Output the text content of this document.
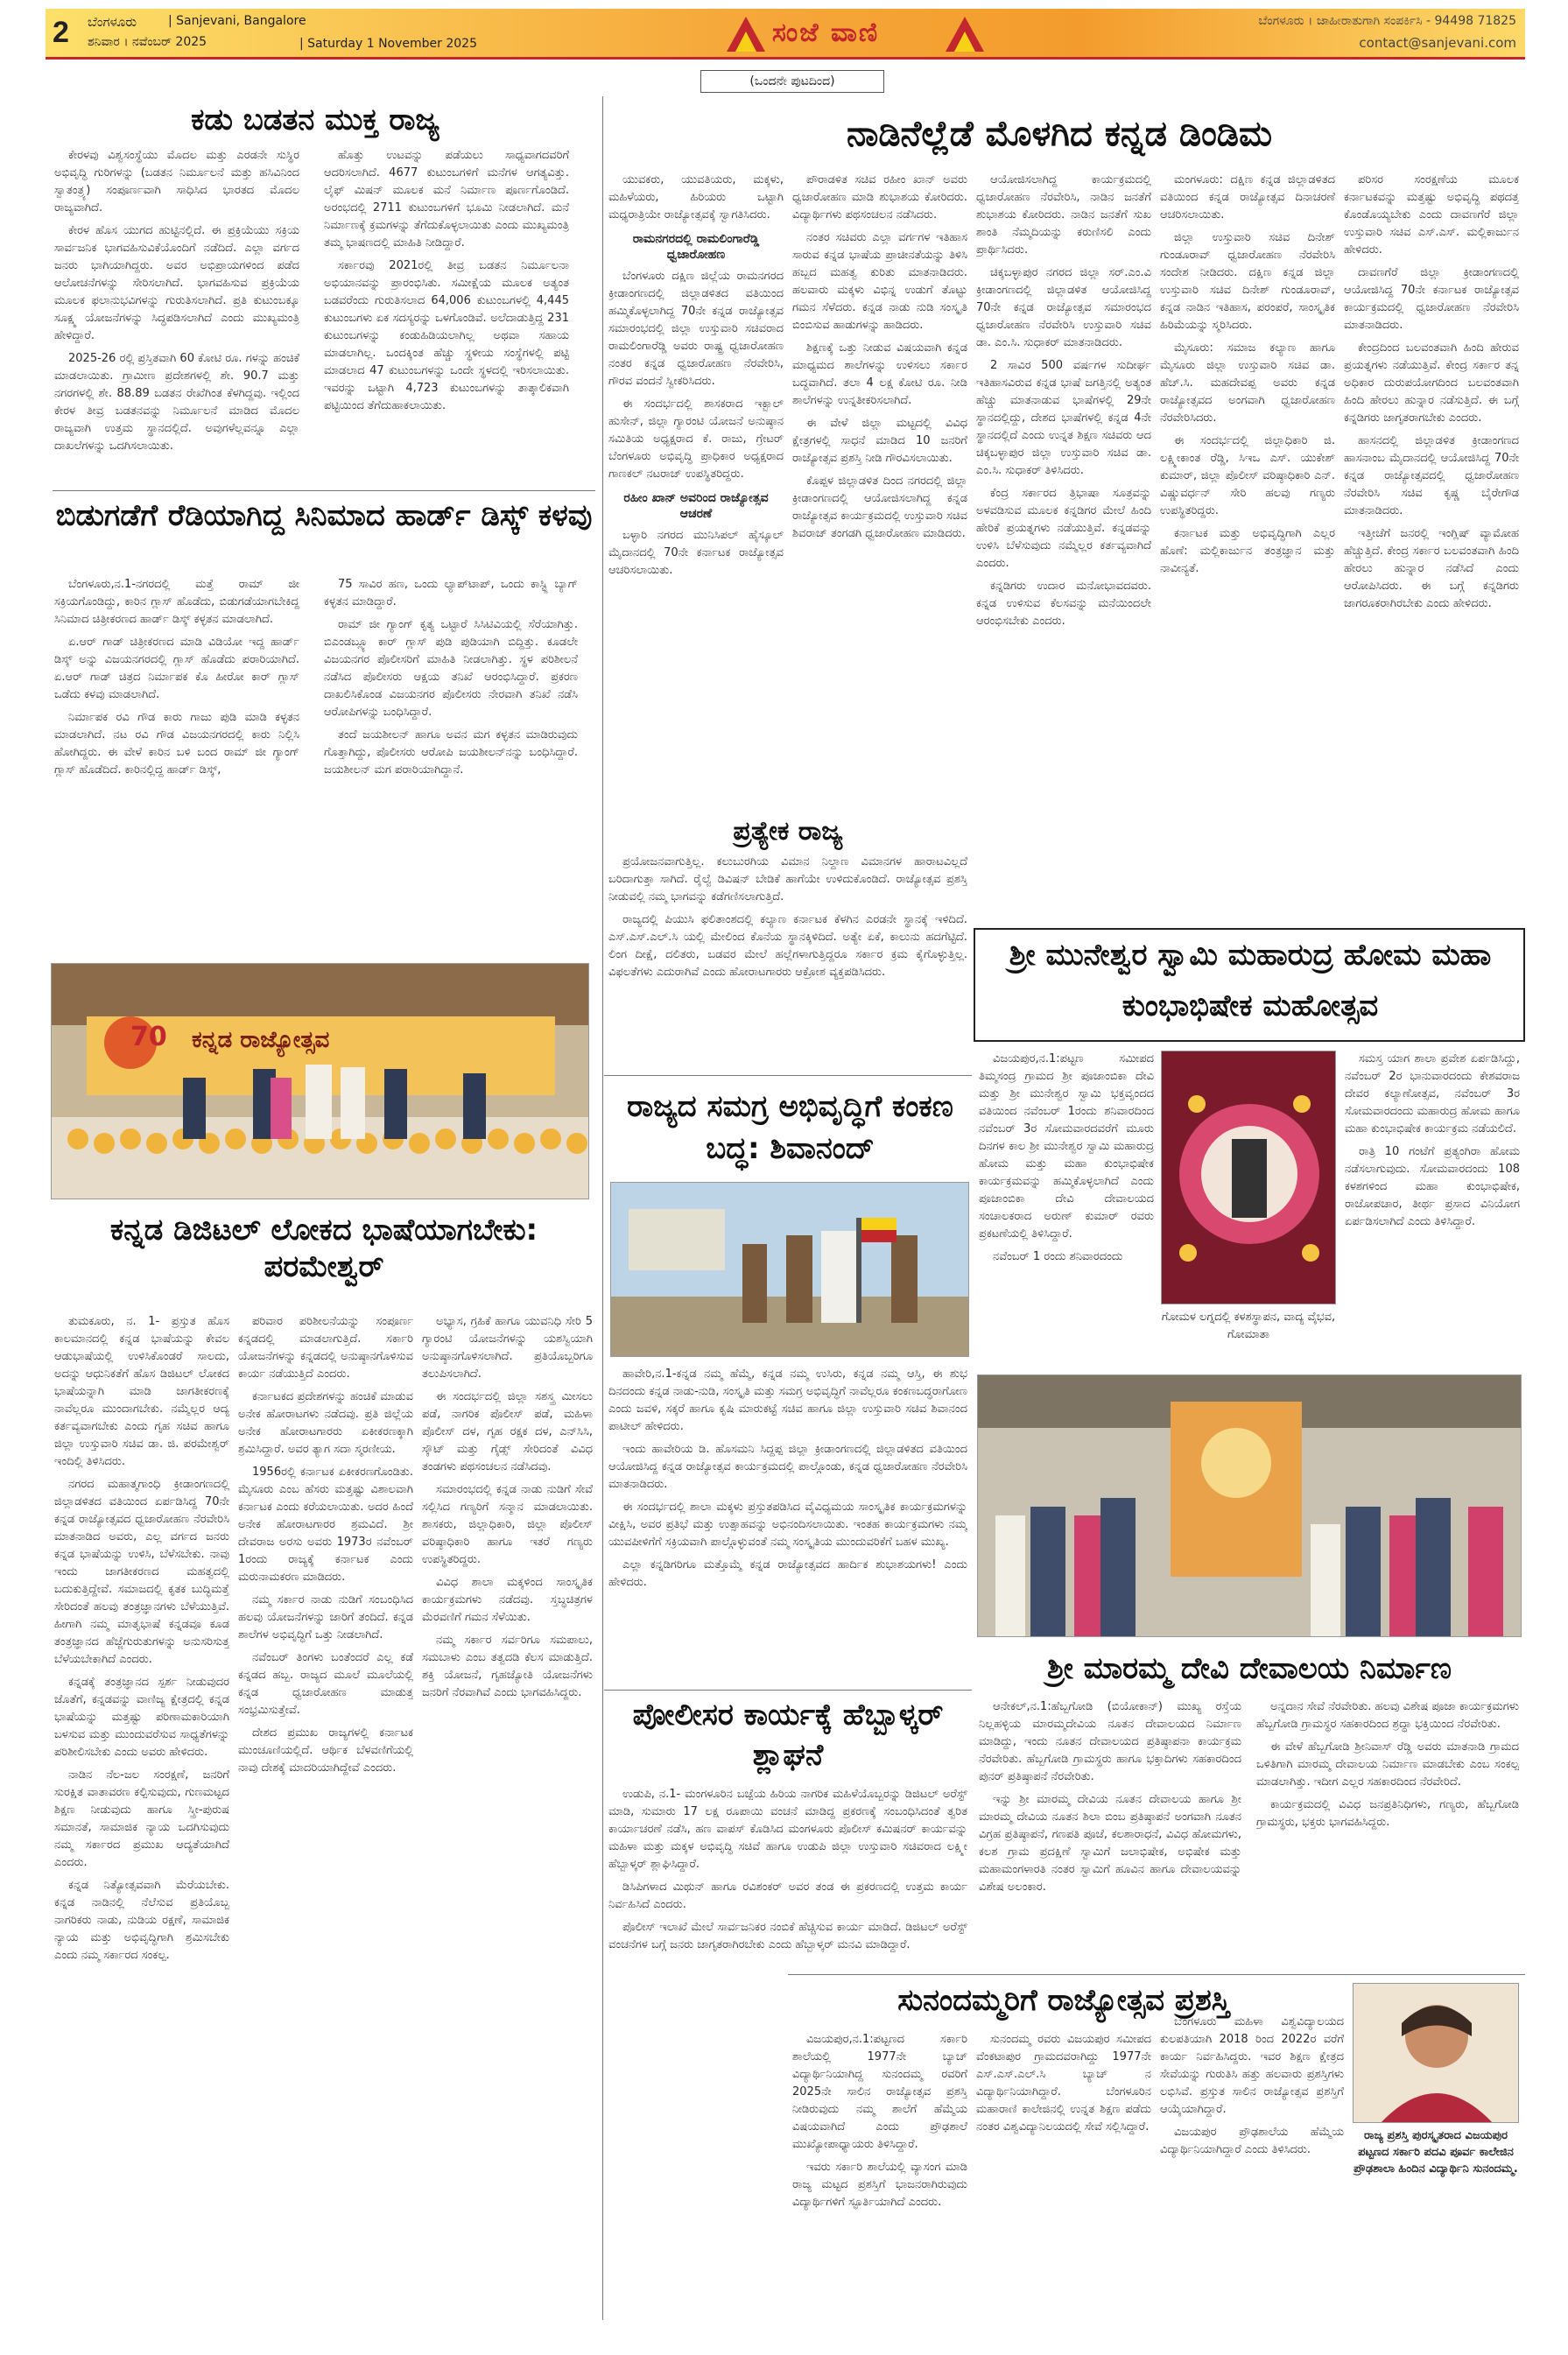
2 ಬೆಂಗಳೂರು	| Sanjevani, Bangalore
ಶನಿವಾರ । ನವೆಂಬರ್ 2025	| Saturday 1 November 2025	ಸಂಜೆ ವಾಣಿ	ಬೆಂಗಳೂರು । ಜಾಹೀರಾತುಗಾಗಿ ಸಂಪರ್ಕಿಸಿ - 94498 71825
contact@sanjevani.com
(ಒಂದನೇ ಪುಟದಿಂದ)
ಕಡು ಬಡತನ ಮುಕ್ತ ರಾಜ್ಯ

ಕೇರಳವು ವಿಶ್ವಸಂಸ್ಥೆಯು ಮೊದಲ ಮತ್ತು ಎರಡನೇ ಸುಸ್ಥಿರ ಅಭಿವೃದ್ಧಿ ಗುರಿಗಳನ್ನು (ಬಡತನ ನಿರ್ಮೂಲನೆ ಮತ್ತು ಹಸಿವಿನಿಂದ ಸ್ವಾತಂತ್ರ್ಯ) ಸಂಪೂರ್ಣವಾಗಿ ಸಾಧಿಸಿದ ಭಾರತದ ಮೊದಲ ರಾಜ್ಯವಾಗಿದೆ.

ಕೇರಳ ಹೊಸ ಯುಗದ ಹುಟ್ಟಿನಲ್ಲಿದೆ. ಈ ಪ್ರಕ್ರಿಯೆಯು ಸಕ್ರಿಯ ಸಾರ್ವಜನಿಕ ಭಾಗವಹಿಸುವಿಕೆಯೊಂದಿಗೆ ನಡೆದಿದೆ. ಎಲ್ಲಾ ವರ್ಗದ ಜನರು ಭಾಗಿಯಾಗಿದ್ದರು. ಅವರ ಅಭಿಪ್ರಾಯಗಳಿಂದ ಪಡೆದ ಆಲೋಚನೆಗಳನ್ನು ಸೇರಿಸಲಾಗಿದೆ. ಭಾಗವಹಿಸುವ ಪ್ರಕ್ರಿಯೆಯ ಮೂಲಕ ಫಲಾನುಭವಿಗಳನ್ನು ಗುರುತಿಸಲಾಗಿದೆ. ಪ್ರತಿ ಕುಟುಂಬಕ್ಕೂ ಸೂಕ್ಷ್ಮ ಯೋಜನೆಗಳನ್ನು ಸಿದ್ಧಪಡಿಸಲಾಗಿದೆ ಎಂದು ಮುಖ್ಯಮಂತ್ರಿ ಹೇಳಿದ್ದಾರೆ.

2025-26 ರಲ್ಲಿ ಪ್ರಸ್ತಿತವಾಗಿ 60 ಕೋಟಿ ರೂ. ಗಳನ್ನು ಹಂಚಿಕೆ ಮಾಡಲಾಯಿತು. ಗ್ರಾಮೀಣ ಪ್ರದೇಶಗಳಲ್ಲಿ ಶೇ. 90.7 ಮತ್ತು ನಗರಗಳಲ್ಲಿ ಶೇ. 88.89 ಬಡತನ ರೇಖೆಗಿಂತ ಕೆಳಗಿದ್ದವು. ಇಲ್ಲಿಂದ ಕೇರಳ ತೀವ್ರ ಬಡತನವನ್ನು ನಿರ್ಮೂಲನೆ ಮಾಡಿದ ಮೊದಲ ರಾಜ್ಯವಾಗಿ ಉತ್ತಮ ಸ್ಥಾನದಲ್ಲಿದೆ. ಅವುಗಳೆಲ್ಲವನ್ನೂ ಎಲ್ಲಾ ದಾಖಲೆಗಳನ್ನು ಒದಗಿಸಲಾಯಿತು.

ಹೊತ್ತು ಉಟವನ್ನು ಪಡೆಯಲು ಸಾಧ್ಯವಾಗದವರಿಗೆ ಆದರಿಸಲಾಗಿದೆ. 4677 ಕುಟುಂಬಗಳಿಗೆ ಮನೆಗಳ ಆಗತ್ಯವಿತ್ತು. ಲೈಫ್ ಮಿಷನ್ ಮೂಲಕ ಮನೆ ನಿರ್ಮಾಣ ಪೂರ್ಣಗೊಂಡಿದೆ. ಅರಂಭದಲ್ಲಿ 2711 ಕುಟುಂಬಗಳಿಗೆ ಭೂಮಿ ನೀಡಲಾಗಿದೆ. ಮನೆ ನಿರ್ಮಾಣಕ್ಕೆ ಕ್ರಮಗಳನ್ನು ತೆಗೆದುಕೊಳ್ಳಲಾಯಿತು ಎಂದು ಮುಖ್ಯಮಂತ್ರಿ ತಮ್ಮ ಭಾಷಣದಲ್ಲಿ ಮಾಹಿತಿ ನೀಡಿದ್ದಾರೆ.

ಸರ್ಕಾರವು 2021ರಲ್ಲಿ ತೀವ್ರ ಬಡತನ ನಿರ್ಮೂಲನಾ ಅಭಿಯಾನವನ್ನು ಪ್ರಾರಂಭಿಸಿತು. ಸಮೀಕ್ಷೆಯ ಮೂಲಕ ಅತ್ಯಂತ ಬಡವರೆಂದು ಗುರುತಿಸಲಾದ 64,006 ಕುಟುಂಬಗಳಲ್ಲಿ 4,445 ಕುಟುಂಬಗಳು ಏಕ ಸದಸ್ಯರನ್ನು ಒಳಗೊಂಡಿವೆ. ಅಲೆದಾಡುತ್ತಿದ್ದ 231 ಕುಟುಂಬಗಳನ್ನು ಕಂಡುಹಿಡಿಯಲಾಗಿಲ್ಲ ಅಥವಾ ಸಹಾಯ ಮಾಡಲಾಗಿಲ್ಲ. ಒಂದಕ್ಕಿಂತ ಹೆಚ್ಚು ಸ್ಥಳೀಯ ಸಂಸ್ಥೆಗಳಲ್ಲಿ ಪಟ್ಟಿ ಮಾಡಲಾದ 47 ಕುಟುಂಬಗಳನ್ನು ಒಂದೇ ಸ್ಥಳದಲ್ಲಿ ಇರಿಸಲಾಯಿತು. ಇವರನ್ನು ಒಟ್ಟಾಗಿ 4,723 ಕುಟುಂಬಗಳನ್ನು ತಾತ್ಕಾಲಿಕವಾಗಿ ಪಟ್ಟಿಯಿಂದ ತೆಗೆದುಹಾಕಲಾಯಿತು.

ಬಿಡುಗಡೆಗೆ ರೆಡಿಯಾಗಿದ್ದ ಸಿನಿಮಾದ ಹಾರ್ಡ್ ಡಿಸ್ಕ್ ಕಳವು

ಬೆಂಗಳೂರು,ನ.1-ನಗರದಲ್ಲಿ ಮತ್ತೆ ರಾಮ್ ಜೀ ಸಕ್ರಿಯಗೊಂಡಿದ್ದು, ಕಾರಿನ ಗ್ಲಾಸ್ ಹೊಡೆದು, ಬಿಡುಗಡೆಯಾಗಬೇಕಿದ್ದ ಸಿನಿಮಾದ ಚಿತ್ರೀಕರಣದ ಹಾರ್ಡ್ ಡಿಸ್ಕ್ ಕಳ್ಳತನ ಮಾಡಲಾಗಿದೆ.

ಏ.ಆರ್ ಗಾಡ್ ಚಿತ್ರೀಕರಣದ ಮಾಡಿ ವಿಡಿಯೋ ಇದ್ದ ಹಾರ್ಡ್ ಡಿಸ್ಕ್ ಅನ್ನು ವಿಜಯನಗರದಲ್ಲಿ ಗ್ಲಾಸ್ ಹೊಡೆದು ಪರಾರಿಯಾಗಿದೆ. ಏ.ಆರ್ ಗಾಡ್ ಚಿತ್ರದ ನಿರ್ಮಾಪಕ ಕೊ ಹೀರೋ ಕಾರ್ ಗ್ಲಾಸ್ ಒಡೆದು ಕಳವು ಮಾಡಲಾಗಿದೆ.

ನಿರ್ಮಾಪಕ ರವಿ ಗೌಡ ಕಾರು ಗಾಜು ಪುಡಿ ಮಾಡಿ ಕಳ್ಳತನ ಮಾಡಲಾಗಿದೆ. ನಟ ರವಿ ಗೌಡ ವಿಜಯನಗರದಲ್ಲಿ ಕಾರು ನಿಲ್ಲಿಸಿ ಹೋಗಿದ್ದರು. ಈ ವೇಳೆ ಕಾರಿನ ಬಳಿ ಬಂದ ರಾಮ್ ಜೀ ಗ್ಯಾಂಗ್ ಗ್ಲಾಸ್ ಹೊಡೆದಿದೆ. ಕಾರಿನಲ್ಲಿದ್ದ ಹಾರ್ಡ್ ಡಿಸ್ಕ್,

75 ಸಾವಿರ ಹಣ, ಒಂದು ಲ್ಯಾಪ್‌ಟಾಪ್, ಒಂದು ಕಾಸ್ಟ್ಲಿ ಬ್ಯಾಗ್ ಕಳ್ಳತನ ಮಾಡಿದ್ದಾರೆ.

ರಾಮ್ ಜೀ ಗ್ಯಾಂಗ್ ಕೃತ್ಯ ಒಟ್ಟಾರೆ ಸಿಸಿಟಿವಿಯಲ್ಲಿ ಸೆರೆಯಾಗಿತ್ತು. ಬಿಎಂಡಬ್ಲ್ಯೂ ಕಾರ್ ಗ್ಲಾಸ್ ಪುಡಿ ಪುಡಿಯಾಗಿ ಬಿದ್ದಿತ್ತು. ಕೂಡಲೇ ವಿಜಯನಗರ ಪೊಲೀಸರಿಗೆ ಮಾಹಿತಿ ನೀಡಲಾಗಿತ್ತು. ಸ್ಥಳ ಪರಿಶೀಲನೆ ನಡೆಸಿದ ಪೊಲೀಸರು ಆಕ್ಷಯ ತನಿಖೆ ಆರಂಭಿಸಿದ್ದಾರೆ. ಪ್ರಕರಣ ದಾಖಲಿಸಿಕೊಂಡ ವಿಜಯನಗರ ಪೊಲೀಸರು ನೇರವಾಗಿ ತನಿಖೆ ನಡೆಸಿ ಆರೋಪಿಗಳನ್ನು ಬಂಧಿಸಿದ್ದಾರೆ.

ತಂದೆ ಜಯಶೀಲನ್ ಹಾಗೂ ಅವನ ಮಗ ಕಳ್ಳತನ ಮಾಡಿರುವುದು ಗೊತ್ತಾಗಿದ್ದು, ಪೊಲೀಸರು ಆರೋಪಿ ಜಯಶೀಲನ್‌ನನ್ನು ಬಂಧಿಸಿದ್ದಾರೆ. ಜಯಶೀಲನ್ ಮಗ ಪರಾರಿಯಾಗಿದ್ದಾನೆ.

70 ಕನ್ನಡ ರಾಜ್ಯೋತ್ಸವ
ಕನ್ನಡ ಡಿಜಿಟಲ್ ಲೋಕದ ಭಾಷೆಯಾಗಬೇಕು: ಪರಮೇಶ್ವರ್

ತುಮಕೂರು, ನ. 1- ಪ್ರಸ್ತುತ ಹೊಸ ಕಾಲಮಾನದಲ್ಲಿ ಕನ್ನಡ ಭಾಷೆಯನ್ನು ಕೇವಲ ಆಡುಭಾಷೆಯಲ್ಲಿ ಉಳಿಸಿಕೊಂಡರೆ ಸಾಲದು, ಅದನ್ನು ಆಧುನಿಕತೆಗೆ ಹೊಸ ಡಿಜಿಟಲ್ ಲೋಕದ ಭಾಷೆಯನ್ನಾಗಿ ಮಾಡಿ ಜಾಗತೀಕರಣಕ್ಕೆ ನಾವೆಲ್ಲರೂ ಮುಂದಾಗಬೇಕು. ನಮ್ಮೆಲ್ಲರ ಆದ್ಯ ಕರ್ತವ್ಯವಾಗಬೇಕು ಎಂದು ಗೃಹ ಸಚಿವ ಹಾಗೂ ಜಿಲ್ಲಾ ಉಸ್ತುವಾರಿ ಸಚಿವ ಡಾ. ಜಿ. ಪರಮೇಶ್ವರ್ ಇಂದಿಲ್ಲಿ ತಿಳಿಸಿದರು.

ನಗರದ ಮಹಾತ್ಮಗಾಂಧಿ ಕ್ರೀಡಾಂಗಣದಲ್ಲಿ ಜಿಲ್ಲಾಡಳಿತದ ವತಿಯಿಂದ ಏರ್ಪಡಿಸಿದ್ದ 70ನೇ ಕನ್ನಡ ರಾಜ್ಯೋತ್ಸವದ ಧ್ವಜಾರೋಹಣ ನೆರವೇರಿಸಿ ಮಾತನಾಡಿದ ಅವರು, ಎಲ್ಲ ವರ್ಗದ ಜನರು ಕನ್ನಡ ಭಾಷೆಯನ್ನು ಉಳಿಸಿ, ಬೆಳೆಸಬೇಕು. ನಾವು ಇಂದು ಜಾಗತೀಕರಣದ ಮಹತ್ವದಲ್ಲಿ ಬದುಕುತ್ತಿದ್ದೇವೆ. ಸಮಾಜದಲ್ಲಿ ಕೃತಕ ಬುದ್ಧಿಮತ್ತೆ ಸೇರಿದಂತೆ ಹಲವು ತಂತ್ರಜ್ಞಾನಗಳು ಬೆಳೆಯುತ್ತಿವೆ. ಹೀಗಾಗಿ ನಮ್ಮ ಮಾತೃಭಾಷೆ ಕನ್ನಡವೂ ಕೂಡ ತಂತ್ರಜ್ಞಾನದ ಹೆಜ್ಜೆಗುರುತುಗಳನ್ನು ಅನುಸರಿಸುತ್ತ ಬೆಳೆಯಬೇಕಾಗಿದೆ ಎಂದರು.

ಕನ್ನಡಕ್ಕೆ ತಂತ್ರಜ್ಞಾನದ ಸ್ಪರ್ಶ ನೀಡುವುದರ ಜೊತೆಗೆ, ಕನ್ನಡವನ್ನು ವಾಣಿಜ್ಯ ಕ್ಷೇತ್ರದಲ್ಲಿ ಕನ್ನಡ ಭಾಷೆಯನ್ನು ಮತ್ತಷ್ಟು ಪರಿಣಾಮಕಾರಿಯಾಗಿ ಬಳಸುವ ಮತ್ತು ಮುಂದುವರೆಸುವ ಸಾಧ್ಯತೆಗಳನ್ನು ಪರಿಶೀಲಿಸಬೇಕು ಎಂದು ಅವರು ಹೇಳಿದರು.

ನಾಡಿನ ನೆಲ-ಜಲ ಸಂರಕ್ಷಣೆ, ಜನರಿಗೆ ಸುರಕ್ಷಿತ ವಾತಾವರಣ ಕಲ್ಪಿಸುವುದು, ಗುಣಮಟ್ಟದ ಶಿಕ್ಷಣ ನೀಡುವುದು ಹಾಗೂ ಸ್ತ್ರೀ-ಪುರುಷ ಸಮಾನತೆ, ಸಾಮಾಜಿಕ ನ್ಯಾಯ ಒದಗಿಸುವುದು ನಮ್ಮ ಸರ್ಕಾರದ ಪ್ರಮುಖ ಆದ್ಯತೆಯಾಗಿದೆ ಎಂದರು.

ಕನ್ನಡ ನಿತ್ಯೋತ್ಸವವಾಗಿ ಮೆರೆಯಬೇಕು. ಕನ್ನಡ ನಾಡಿನಲ್ಲಿ ನೆಲೆಸುವ ಪ್ರತಿಯೊಬ್ಬ ನಾಗರಿಕರು ನಾಡು, ನುಡಿಯ ರಕ್ಷಣೆ, ಸಾಮಾಜಿಕ ನ್ಯಾಯ ಮತ್ತು ಅಭಿವೃದ್ಧಿಗಾಗಿ ಶ್ರಮಿಸಬೇಕು ಎಂದು ನಮ್ಮ ಸರ್ಕಾರದ ಸಂಕಲ್ಪ.

ಪರಿವಾರ ಪರಿಶೀಲನೆಯನ್ನು ಸಂಪೂರ್ಣ ಕನ್ನಡದಲ್ಲಿ ಮಾಡಲಾಗುತ್ತಿದೆ. ಸರ್ಕಾರಿ ಯೋಜನೆಗಳನ್ನು ಕನ್ನಡದಲ್ಲಿ ಅನುಷ್ಠಾನಗೊಳಿಸುವ ಕಾರ್ಯ ನಡೆಯುತ್ತಿದೆ ಎಂದರು.

ಕರ್ನಾಟಕದ ಪ್ರದೇಶಗಳನ್ನು ಹಂಚಿಕೆ ಮಾಡುವ ಅನೇಕ ಹೋರಾಟಗಳು ನಡೆದವು. ಪ್ರತಿ ಜಿಲ್ಲೆಯ ಅನೇಕ ಹೋರಾಟಗಾರರು ಏಕೀಕರಣಕ್ಕಾಗಿ ಶ್ರಮಿಸಿದ್ದಾರೆ. ಅವರ ತ್ಯಾಗ ಸದಾ ಸ್ಮರಣೀಯ.

1956ರಲ್ಲಿ ಕರ್ನಾಟಕ ಏಕೀಕರಣಗೊಂಡಿತು. ಮೈಸೂರು ಎಂಬ ಹೆಸರು ಮತ್ತಷ್ಟು ವಿಶಾಲವಾಗಿ ಕರ್ನಾಟಕ ಎಂದು ಕರೆಯಲಾಯಿತು. ಅದರ ಹಿಂದೆ ಅನೇಕ ಹೋರಾಟಗಾರರ ಶ್ರಮವಿದೆ. ಶ್ರೀ ದೇವರಾಜ ಅರಸು ಅವರು 1973ರ ನವೆಂಬರ್ 1ರಂದು ರಾಜ್ಯಕ್ಕೆ ಕರ್ನಾಟಕ ಎಂದು ಮರುನಾಮಕರಣ ಮಾಡಿದರು.

ನಮ್ಮ ಸರ್ಕಾರ ನಾಡು ನುಡಿಗೆ ಸಂಬಂಧಿಸಿದ ಹಲವು ಯೋಜನೆಗಳನ್ನು ಜಾರಿಗೆ ತಂದಿದೆ. ಕನ್ನಡ ಶಾಲೆಗಳ ಅಭಿವೃದ್ಧಿಗೆ ಒತ್ತು ನೀಡಲಾಗಿದೆ.

ನವೆಂಬರ್ ತಿಂಗಳು ಬಂತೆಂದರೆ ಎಲ್ಲ ಕಡೆ ಕನ್ನಡದ ಹಬ್ಬ. ರಾಜ್ಯದ ಮೂಲೆ ಮೂಲೆಯಲ್ಲಿ ಕನ್ನಡ ಧ್ವಜಾರೋಹಣ ಮಾಡುತ್ತ ಸಂಭ್ರಮಿಸುತ್ತೇವೆ.

ದೇಶದ ಪ್ರಮುಖ ರಾಜ್ಯಗಳಲ್ಲಿ ಕರ್ನಾಟಕ ಮುಂಚೂಣಿಯಲ್ಲಿದೆ. ಆರ್ಥಿಕ ಬೆಳವಣಿಗೆಯಲ್ಲಿ ನಾವು ದೇಶಕ್ಕೆ ಮಾದರಿಯಾಗಿದ್ದೇವೆ ಎಂದರು.

ಅಭ್ಯಾಸ, ಗ್ರಹಿಕೆ ಹಾಗೂ ಯುವನಿಧಿ ಸೇರಿ 5 ಗ್ಯಾರಂಟಿ ಯೋಜನೆಗಳನ್ನು ಯಶಸ್ವಿಯಾಗಿ ಅನುಷ್ಠಾನಗೊಳಿಸಲಾಗಿದೆ. ಪ್ರತಿಯೊಬ್ಬರಿಗೂ ತಲುಪಿಸಲಾಗಿದೆ.

ಈ ಸಂದರ್ಭದಲ್ಲಿ ಜಿಲ್ಲಾ ಸಶಸ್ತ್ರ ಮೀಸಲು ಪಡೆ, ನಾಗರಿಕ ಪೊಲೀಸ್ ಪಡೆ, ಮಹಿಳಾ ಪೊಲೀಸ್ ದಳ, ಗೃಹ ರಕ್ಷಕ ದಳ, ಎನ್‌ಸಿಸಿ, ಸ್ಕೌಟ್ ಮತ್ತು ಗೈಡ್ಸ್ ಸೇರಿದಂತೆ ವಿವಿಧ ತಂಡಗಳು ಪಥಸಂಚಲನ ನಡೆಸಿದವು.

ಸಮಾರಂಭದಲ್ಲಿ ಕನ್ನಡ ನಾಡು ನುಡಿಗೆ ಸೇವೆ ಸಲ್ಲಿಸಿದ ಗಣ್ಯರಿಗೆ ಸನ್ಮಾನ ಮಾಡಲಾಯಿತು. ಶಾಸಕರು, ಜಿಲ್ಲಾಧಿಕಾರಿ, ಜಿಲ್ಲಾ ಪೊಲೀಸ್ ವರಿಷ್ಠಾಧಿಕಾರಿ ಹಾಗೂ ಇತರೆ ಗಣ್ಯರು ಉಪಸ್ಥಿತರಿದ್ದರು.

ವಿವಿಧ ಶಾಲಾ ಮಕ್ಕಳಿಂದ ಸಾಂಸ್ಕೃತಿಕ ಕಾರ್ಯಕ್ರಮಗಳು ನಡೆದವು. ಸ್ತಬ್ಧಚಿತ್ರಗಳ ಮೆರವಣಿಗೆ ಗಮನ ಸೆಳೆಯಿತು.

ನಮ್ಮ ಸರ್ಕಾರ ಸರ್ವರಿಗೂ ಸಮಪಾಲು, ಸಮಬಾಳು ಎಂಬ ತತ್ವದಡಿ ಕೆಲಸ ಮಾಡುತ್ತಿದೆ. ಶಕ್ತಿ ಯೋಜನೆ, ಗೃಹಜ್ಯೋತಿ ಯೋಜನೆಗಳು ಜನರಿಗೆ ನೆರವಾಗಿವೆ ಎಂದು ಭಾಗವಹಿಸಿದ್ದರು.

ನಾಡಿನೆಲ್ಲೆಡೆ ಮೊಳಗಿದ ಕನ್ನಡ ಡಿಂಡಿಮ

ಯುವಕರು, ಯುವತಿಯರು, ಮಕ್ಕಳು, ಮಹಿಳೆಯರು, ಹಿರಿಯರು ಒಟ್ಟಾಗಿ ಮಧ್ಯರಾತ್ರಿಯೇ ರಾಜ್ಯೋತ್ಸವಕ್ಕೆ ಸ್ವಾಗತಿಸಿದರು.

ರಾಮನಗರದಲ್ಲಿ ರಾಮಲಿಂಗಾರೆಡ್ಡಿ ಧ್ವಜಾರೋಹಣ

ಬೆಂಗಳೂರು ದಕ್ಷಿಣ ಜಿಲ್ಲೆಯ ರಾಮನಗರದ ಕ್ರೀಡಾಂಗಣದಲ್ಲಿ ಜಿಲ್ಲಾಡಳಿತದ ವತಿಯಿಂದ ಹಮ್ಮಿಕೊಳ್ಳಲಾಗಿದ್ದ 70ನೇ ಕನ್ನಡ ರಾಜ್ಯೋತ್ಸವ ಸಮಾರಂಭದಲ್ಲಿ ಜಿಲ್ಲಾ ಉಸ್ತುವಾರಿ ಸಚಿವರಾದ ರಾಮಲಿಂಗಾರೆಡ್ಡಿ ಅವರು ರಾಷ್ಟ್ರ ಧ್ವಜಾರೋಹಣ ನಂತರ ಕನ್ನಡ ಧ್ವಜಾರೋಹಣ ನೆರವೇರಿಸಿ, ಗೌರವ ವಂದನೆ ಸ್ವೀಕರಿಸಿದರು.

ಈ ಸಂದರ್ಭದಲ್ಲಿ ಶಾಸಕರಾದ ಇಕ್ಬಾಲ್ ಹುಸೇನ್, ಜಿಲ್ಲಾ ಗ್ಯಾರಂಟಿ ಯೋಜನೆ ಅನುಷ್ಠಾನ ಸಮಿತಿಯ ಅಧ್ಯಕ್ಷರಾದ ಕೆ. ರಾಜು, ಗ್ರೇಟರ್ ಬೆಂಗಳೂರು ಅಭಿವೃದ್ಧಿ ಪ್ರಾಧಿಕಾರ ಅಧ್ಯಕ್ಷರಾದ ಗಾಣಕಲ್ ನಟರಾಜ್ ಉಪಸ್ಥಿತರಿದ್ದರು.

ರಹೀಂ ಖಾನ್ ಅವರಿಂದ ರಾಜ್ಯೋತ್ಸವ ಆಚರಣೆ

ಬಳ್ಳಾರಿ ನಗರದ ಮುನಿಸಿಪಲ್ ಹೈಸ್ಕೂಲ್ ಮೈದಾನದಲ್ಲಿ 70ನೇ ಕರ್ನಾಟಕ ರಾಜ್ಯೋತ್ಸವ ಆಚರಿಸಲಾಯಿತು.

ಪೌರಾಡಳಿತ ಸಚಿವ ರಹೀಂ ಖಾನ್ ಅವರು ಧ್ವಜಾರೋಹಣ ಮಾಡಿ ಶುಭಾಶಯ ಕೋರಿದರು. ವಿದ್ಯಾರ್ಥಿಗಳು ಪಥಸಂಚಲನ ನಡೆಸಿದರು.

ನಂತರ ಸಚಿವರು ಎಲ್ಲಾ ವರ್ಗಗಳ ಇತಿಹಾಸ ಸಾರುವ ಕನ್ನಡ ಭಾಷೆಯ ಪ್ರಾಚೀನತೆಯನ್ನು ತಿಳಿಸಿ ಹಬ್ಬದ ಮಹತ್ವ ಕುರಿತು ಮಾತನಾಡಿದರು. ಹಲವಾರು ಮಕ್ಕಳು ವಿಭಿನ್ನ ಉಡುಗೆ ತೊಟ್ಟು ಗಮನ ಸೆಳೆದರು. ಕನ್ನಡ ನಾಡು ನುಡಿ ಸಂಸ್ಕೃತಿ ಬಿಂಬಿಸುವ ಹಾಡುಗಳನ್ನು ಹಾಡಿದರು.

ಶಿಕ್ಷಣಕ್ಕೆ ಒತ್ತು ನೀಡುವ ವಿಷಯವಾಗಿ ಕನ್ನಡ ಮಾಧ್ಯಮದ ಶಾಲೆಗಳನ್ನು ಉಳಿಸಲು ಸರ್ಕಾರ ಬದ್ಧವಾಗಿದೆ. ತಲಾ 4 ಲಕ್ಷ ಕೋಟಿ ರೂ. ನೀಡಿ ಶಾಲೆಗಳನ್ನು ಉನ್ನತೀಕರಿಸಲಾಗಿದೆ.

ಈ ವೇಳೆ ಜಿಲ್ಲಾ ಮಟ್ಟದಲ್ಲಿ ವಿವಿಧ ಕ್ಷೇತ್ರಗಳಲ್ಲಿ ಸಾಧನೆ ಮಾಡಿದ 10 ಜನರಿಗೆ ರಾಜ್ಯೋತ್ಸವ ಪ್ರಶಸ್ತಿ ನೀಡಿ ಗೌರವಿಸಲಾಯಿತು.

ಕೊಪ್ಪಳ ಜಿಲ್ಲಾಡಳಿತ ದಿಂದ ನಗರದಲ್ಲಿ ಜಿಲ್ಲಾ ಕ್ರೀಡಾಂಗಣದಲ್ಲಿ ಆಯೋಜಿಸಲಾಗಿದ್ದ ಕನ್ನಡ ರಾಜ್ಯೋತ್ಸವ ಕಾರ್ಯಕ್ರಮದಲ್ಲಿ ಉಸ್ತುವಾರಿ ಸಚಿವ ಶಿವರಾಜ್ ತಂಗಡಗಿ ಧ್ವಜಾರೋಹಣ ಮಾಡಿದರು.

ಆಯೋಜಿಸಲಾಗಿದ್ದ ಕಾರ್ಯಕ್ರಮದಲ್ಲಿ ಧ್ವಜಾರೋಹಣ ನೆರವೇರಿಸಿ, ನಾಡಿನ ಜನತೆಗೆ ಶುಭಾಶಯ ಕೋರಿದರು. ನಾಡಿನ ಜನತೆಗೆ ಸುಖ ಶಾಂತಿ ನೆಮ್ಮದಿಯನ್ನು ಕರುಣಿಸಲಿ ಎಂದು ಪ್ರಾರ್ಥಿಸಿದರು.

ಚಿಕ್ಕಬಳ್ಳಾಪುರ ನಗರದ ಜಿಲ್ಲಾ ಸರ್.ಎಂ.ವಿ ಕ್ರೀಡಾಂಗಣದಲ್ಲಿ ಜಿಲ್ಲಾಡಳಿತ ಆಯೋಜಿಸಿದ್ದ 70ನೇ ಕನ್ನಡ ರಾಜ್ಯೋತ್ಸವ ಸಮಾರಂಭದ ಧ್ವಜಾರೋಹಣ ನೆರವೇರಿಸಿ ಉಸ್ತುವಾರಿ ಸಚಿವ ಡಾ. ಎಂ.ಸಿ. ಸುಧಾಕರ್ ಮಾತನಾಡಿದರು.

2 ಸಾವಿರ 500 ವರ್ಷಗಳ ಸುದೀರ್ಘ ಇತಿಹಾಸವಿರುವ ಕನ್ನಡ ಭಾಷೆ ಜಗತ್ತಿನಲ್ಲಿ ಅತ್ಯಂತ ಹೆಚ್ಚು ಮಾತನಾಡುವ ಭಾಷೆಗಳಲ್ಲಿ 29ನೇ ಸ್ಥಾನದಲ್ಲಿದ್ದು, ದೇಶದ ಭಾಷೆಗಳಲ್ಲಿ ಕನ್ನಡ 4ನೇ ಸ್ಥಾನದಲ್ಲಿದೆ ಎಂದು ಉನ್ನತ ಶಿಕ್ಷಣ ಸಚಿವರು ಆದ ಚಿಕ್ಕಬಳ್ಳಾಪುರ ಜಿಲ್ಲಾ ಉಸ್ತುವಾರಿ ಸಚಿವ ಡಾ. ಎಂ.ಸಿ. ಸುಧಾಕರ್ ತಿಳಿಸಿದರು.

ಕೆಂದ್ರ ಸರ್ಕಾರದ ತ್ರಿಭಾಷಾ ಸೂತ್ರವನ್ನು ಅಳವಡಿಸುವ ಮೂಲಕ ಕನ್ನಡಿಗರ ಮೇಲೆ ಹಿಂದಿ ಹೇರಿಕೆ ಪ್ರಯತ್ನಗಳು ನಡೆಯುತ್ತಿವೆ. ಕನ್ನಡವನ್ನು ಉಳಿಸಿ ಬೆಳೆಸುವುದು ನಮ್ಮೆಲ್ಲರ ಕರ್ತವ್ಯವಾಗಿದೆ ಎಂದರು.

ಕನ್ನಡಿಗರು ಉದಾರ ಮನೋಭಾವದವರು. ಕನ್ನಡ ಉಳಿಸುವ ಕೆಲಸವನ್ನು ಮನೆಯಿಂದಲೇ ಆರಂಭಿಸಬೇಕು ಎಂದರು.

ಮಂಗಳೂರು: ದಕ್ಷಿಣ ಕನ್ನಡ ಜಿಲ್ಲಾಡಳಿತದ ವತಿಯಿಂದ ಕನ್ನಡ ರಾಜ್ಯೋತ್ಸವ ದಿನಾಚರಣೆ ಆಚರಿಸಲಾಯಿತು.

ಜಿಲ್ಲಾ ಉಸ್ತುವಾರಿ ಸಚಿವ ದಿನೇಶ್ ಗುಂಡೂರಾವ್ ಧ್ವಜಾರೋಹಣ ನೆರವೇರಿಸಿ ಸಂದೇಶ ನೀಡಿದರು. ದಕ್ಷಿಣ ಕನ್ನಡ ಜಿಲ್ಲಾ ಉಸ್ತುವಾರಿ ಸಚಿವ ದಿನೇಶ್ ಗುಂಡೂರಾವ್, ಕನ್ನಡ ನಾಡಿನ ಇತಿಹಾಸ, ಪರಂಪರೆ, ಸಾಂಸ್ಕೃತಿಕ ಹಿರಿಮೆಯನ್ನು ಸ್ಮರಿಸಿದರು.

ಮೈಸೂರು: ಸಮಾಜ ಕಲ್ಯಾಣ ಹಾಗೂ ಮೈಸೂರು ಜಿಲ್ಲಾ ಉಸ್ತುವಾರಿ ಸಚಿವ ಡಾ. ಹೆಚ್.ಸಿ. ಮಹದೇವಪ್ಪ ಅವರು ಕನ್ನಡ ರಾಜ್ಯೋತ್ಸವದ ಅಂಗವಾಗಿ ಧ್ವಜಾರೋಹಣ ನೆರವೇರಿಸಿದರು.

ಈ ಸಂದರ್ಭದಲ್ಲಿ ಜಿಲ್ಲಾಧಿಕಾರಿ ಜಿ. ಲಕ್ಷ್ಮೀಕಾಂತ ರೆಡ್ಡಿ, ಸಿಇಒ ಎಸ್. ಯುಕೇಶ್ ಕುಮಾರ್, ಜಿಲ್ಲಾ ಪೊಲೀಸ್ ವರಿಷ್ಠಾಧಿಕಾರಿ ಎನ್. ವಿಷ್ಣುವರ್ಧನ್ ಸೇರಿ ಹಲವು ಗಣ್ಯರು ಉಪಸ್ಥಿತರಿದ್ದರು.

ಕರ್ನಾಟಕ ಮತ್ತು ಅಭಿವೃದ್ಧಿಗಾಗಿ ಎಲ್ಲರ ಹೊಣೆ: ಮಲ್ಲಿಕಾರ್ಜುನ ತಂತ್ರಜ್ಞಾನ ಮತ್ತು ನಾವೀನ್ಯತೆ.

ಪರಿಸರ ಸಂರಕ್ಷಣೆಯ ಮೂಲಕ ಕರ್ನಾಟಕವನ್ನು ಮತ್ತಷ್ಟು ಅಭಿವೃದ್ಧಿ ಪಥದತ್ತ ಕೊಂಡೊಯ್ಯಬೇಕು ಎಂದು ದಾವಣಗೆರೆ ಜಿಲ್ಲಾ ಉಸ್ತುವಾರಿ ಸಚಿವ ಎಸ್.ಎಸ್. ಮಲ್ಲಿಕಾರ್ಜುನ ಹೇಳಿದರು.

ದಾವಣಗೆರೆ ಜಿಲ್ಲಾ ಕ್ರೀಡಾಂಗಣದಲ್ಲಿ ಆಯೋಜಿಸಿದ್ದ 70ನೇ ಕರ್ನಾಟಕ ರಾಜ್ಯೋತ್ಸವ ಕಾರ್ಯಕ್ರಮದಲ್ಲಿ ಧ್ವಜಾರೋಹಣ ನೆರವೇರಿಸಿ ಮಾತನಾಡಿದರು.

ಕೇಂದ್ರದಿಂದ ಬಲವಂತವಾಗಿ ಹಿಂದಿ ಹೇರುವ ಪ್ರಯತ್ನಗಳು ನಡೆಯುತ್ತಿವೆ. ಕೇಂದ್ರ ಸರ್ಕಾರ ತನ್ನ ಅಧಿಕಾರ ದುರುಪಯೋಗದಿಂದ ಬಲವಂತವಾಗಿ ಹಿಂದಿ ಹೇರಲು ಹುನ್ನಾರ ನಡೆಸುತ್ತಿದೆ. ಈ ಬಗ್ಗೆ ಕನ್ನಡಿಗರು ಜಾಗೃತರಾಗಬೇಕು ಎಂದರು.

ಹಾಸನದಲ್ಲಿ ಜಿಲ್ಲಾಡಳಿತ ಕ್ರೀಡಾಂಗಣದ ಹಾಸನಾಂಬ ಮೈದಾನದಲ್ಲಿ ಆಯೋಜಿಸಿದ್ದ 70ನೇ ಕನ್ನಡ ರಾಜ್ಯೋತ್ಸವದಲ್ಲಿ ಧ್ವಜಾರೋಹಣ ನೆರವೇರಿಸಿ ಸಚಿವ ಕೃಷ್ಣ ಬೈರೇಗೌಡ ಮಾತನಾಡಿದರು.

ಇತ್ತೀಚೆಗೆ ಜನರಲ್ಲಿ ಇಂಗ್ಲಿಷ್ ವ್ಯಾಮೋಹ ಹೆಚ್ಚುತ್ತಿದೆ. ಕೇಂದ್ರ ಸರ್ಕಾರ ಬಲವಂತವಾಗಿ ಹಿಂದಿ ಹೇರಲು ಹುನ್ನಾರ ನಡೆಸಿದೆ ಎಂದು ಆರೋಪಿಸಿದರು. ಈ ಬಗ್ಗೆ ಕನ್ನಡಿಗರು ಜಾಗರೂಕರಾಗಿರಬೇಕು ಎಂದು ಹೇಳಿದರು.

ಪ್ರತ್ಯೇಕ ರಾಜ್ಯ

ಪ್ರಯೋಜನವಾಗುತ್ತಿಲ್ಲ. ಕಲುಬುರಗಿಯ ವಿಮಾನ ನಿಲ್ದಾಣ ವಿಮಾನಗಳ ಹಾರಾಟವಿಲ್ಲದೆ ಬರಿದಾಗುತ್ತಾ ಸಾಗಿದೆ. ರೈಲ್ವೆ ಡಿವಿಷನ್ ಬೇಡಿಕೆ ಹಾಗೆಯೇ ಉಳಿದುಕೊಂಡಿದೆ. ರಾಜ್ಯೋತ್ಸವ ಪ್ರಶಸ್ತಿ ನೀಡುವಲ್ಲಿ ನಮ್ಮ ಭಾಗವನ್ನು ಕಡೆಗಣಿಸಲಾಗುತ್ತಿದೆ.

ರಾಜ್ಯದಲ್ಲಿ ಪಿಯುಸಿ ಫಲಿತಾಂಶದಲ್ಲಿ ಕಲ್ಯಾಣ ಕರ್ನಾಟಕ ಕೆಳಗಿನ ಎರಡನೇ ಸ್ಥಾನಕ್ಕೆ ಇಳಿದಿದೆ. ಎಸ್.ಎಸ್.ಎಲ್.ಸಿ ಯಲ್ಲಿ ಮೇಲಿಂದ ಕೊನೆಯ ಸ್ಥಾನಕ್ಕಿಳಿದಿದೆ. ಅತ್ಯೇ ಏಕೆ, ಕಾಲುನು ಹದಗೆಟ್ಟಿದೆ. ಲಿಂಗ ದೀಕ್ಷೆ, ದಲಿತರು, ಬಡವರ ಮೇಲೆ ಹಲ್ಲೆಗಳಾಗುತ್ತಿದ್ದರೂ ಸರ್ಕಾರ ಕ್ರಮ ಕೈಗೊಳ್ಳುತ್ತಿಲ್ಲ. ವಿಫಲತೆಗಳು ಎದುರಾಗಿವೆ ಎಂದು ಹೋರಾಟಗಾರರು ಆಕ್ರೋಶ ವ್ಯಕ್ತಪಡಿಸಿದರು.

ರಾಜ್ಯದ ಸಮಗ್ರ ಅಭಿವೃದ್ಧಿಗೆ ಕಂಕಣ ಬದ್ಧ: ಶಿವಾನಂದ್

ಹಾವೇರಿ,ನ.1-ಕನ್ನಡ ನಮ್ಮ ಹೆಮ್ಮೆ, ಕನ್ನಡ ನಮ್ಮ ಉಸಿರು, ಕನ್ನಡ ನಮ್ಮ ಆಸ್ತಿ, ಈ ಶುಭ ದಿನದಂದು ಕನ್ನಡ ನಾಡು-ನುಡಿ, ಸಂಸ್ಕೃತಿ ಮತ್ತು ಸಮಗ್ರ ಅಭಿವೃದ್ಧಿಗೆ ನಾವೆಲ್ಲರೂ ಕಂಕಣಬದ್ಧರಾಗೋಣ ಎಂದು ಜವಳಿ, ಸಕ್ಕರೆ ಹಾಗೂ ಕೃಷಿ ಮಾರುಕಟ್ಟೆ ಸಚಿವ ಹಾಗೂ ಜಿಲ್ಲಾ ಉಸ್ತುವಾರಿ ಸಚಿವ ಶಿವಾನಂದ ಪಾಟೀಲ್ ಹೇಳಿದರು.

ಇಂದು ಹಾವೇರಿಯ ಡಿ. ಹೊಸಮನಿ ಸಿದ್ದಪ್ಪ ಜಿಲ್ಲಾ ಕ್ರೀಡಾಂಗಣದಲ್ಲಿ ಜಿಲ್ಲಾಡಳಿತದ ವತಿಯಿಂದ ಆಯೋಜಿಸಿದ್ದ ಕನ್ನಡ ರಾಜ್ಯೋತ್ಸವ ಕಾರ್ಯಕ್ರಮದಲ್ಲಿ ಪಾಲ್ಗೊಂಡು, ಕನ್ನಡ ಧ್ವಜಾರೋಹಣ ನೆರವೇರಿಸಿ ಮಾತನಾಡಿದರು.

ಈ ಸಂದರ್ಭದಲ್ಲಿ ಶಾಲಾ ಮಕ್ಕಳು ಪ್ರಸ್ತುತಪಡಿಸಿದ ವೈವಿಧ್ಯಮಯ ಸಾಂಸ್ಕೃತಿಕ ಕಾರ್ಯಕ್ರಮಗಳನ್ನು ವೀಕ್ಷಿಸಿ, ಅವರ ಪ್ರತಿಭೆ ಮತ್ತು ಉತ್ಸಾಹವನ್ನು ಅಭಿನಂದಿಸಲಾಯಿತು. ಇಂತಹ ಕಾರ್ಯಕ್ರಮಗಳು ನಮ್ಮ ಯುವಪೀಳಿಗೆಗೆ ಸಕ್ರಿಯವಾಗಿ ಪಾಲ್ಗೊಳ್ಳುವಂತೆ ನಮ್ಮ ಸಂಸ್ಕೃತಿಯ ಮುಂದುವರಿಕೆಗೆ ಬಹಳ ಮುಖ್ಯ.

ಎಲ್ಲಾ ಕನ್ನಡಿಗರಿಗೂ ಮತ್ತೊಮ್ಮೆ ಕನ್ನಡ ರಾಜ್ಯೋತ್ಸವದ ಹಾರ್ದಿಕ ಶುಭಾಶಯಗಳು! ಎಂದು ಹೇಳಿದರು.

ಪೋಲೀಸರ ಕಾರ್ಯಕ್ಕೆ ಹೆಬ್ಬಾಳ್ಕರ್ ಶ್ಲಾಘನೆ

ಉಡುಪಿ, ನ.1- ಮಂಗಳೂರಿನ ಬಜ್ಪೆಯ ಹಿರಿಯ ನಾಗರಿಕ ಮಹಿಳೆಯೊಬ್ಬರನ್ನು ಡಿಜಿಟಲ್ ಅರೆಸ್ಟ್ ಮಾಡಿ, ಸುಮಾರು 17 ಲಕ್ಷ ರೂಪಾಯಿ ವಂಚನೆ ಮಾಡಿದ್ದ ಪ್ರಕರಣಕ್ಕೆ ಸಂಬಂಧಿಸಿದಂತೆ ತ್ವರಿತ ಕಾರ್ಯಾಚರಣೆ ನಡೆಸಿ, ಹಣ ವಾಪಸ್ ಕೊಡಿಸಿದ ಮಂಗಳೂರು ಪೊಲೀಸ್ ಕಮಿಷನರ್ ಕಾರ್ಯವನ್ನು ಮಹಿಳಾ ಮತ್ತು ಮಕ್ಕಳ ಅಭಿವೃದ್ಧಿ ಸಚಿವೆ ಹಾಗೂ ಉಡುಪಿ ಜಿಲ್ಲಾ ಉಸ್ತುವಾರಿ ಸಚಿವರಾದ ಲಕ್ಷ್ಮೀ ಹೆಬ್ಬಾಳ್ಕರ್ ಶ್ಲಾಘಿಸಿದ್ದಾರೆ.

ಡಿಸಿಪಿಗಳಾದ ಮಿಥುನ್ ಹಾಗೂ ರವಿಶಂಕರ್ ಅವರ ತಂಡ ಈ ಪ್ರಕರಣದಲ್ಲಿ ಉತ್ತಮ ಕಾರ್ಯ ನಿರ್ವಹಿಸಿದೆ ಎಂದರು.

ಪೊಲೀಸ್ ಇಲಾಖೆ ಮೇಲೆ ಸಾರ್ವಜನಿಕರ ನಂಬಿಕೆ ಹೆಚ್ಚಿಸುವ ಕಾರ್ಯ ಮಾಡಿದೆ. ಡಿಜಿಟಲ್ ಅರೆಸ್ಟ್ ವಂಚನೆಗಳ ಬಗ್ಗೆ ಜನರು ಜಾಗೃತರಾಗಿರಬೇಕು ಎಂದು ಹೆಬ್ಬಾಳ್ಕರ್ ಮನವಿ ಮಾಡಿದ್ದಾರೆ.

ಶ್ರೀ ಮುನೇಶ್ವರ ಸ್ವಾಮಿ ಮಹಾರುದ್ರ ಹೋಮ ಮಹಾ ಕುಂಭಾಭಿಷೇಕ ಮಹೋತ್ಸವ

ವಿಜಯಪುರ,ನ.1:ಪಟ್ಟಣ ಸಮೀಪದ ತಿಮ್ಮಸಂದ್ರ ಗ್ರಾಮದ ಶ್ರೀ ಪೂಜಾಂಬಿಕಾ ದೇವಿ ಮತ್ತು ಶ್ರೀ ಮುನೇಶ್ವರ ಸ್ವಾಮಿ ಭಕ್ತವೃಂದದ ವತಿಯಿಂದ ನವೆಂಬರ್ 1ರಂದು ಶನಿವಾರದಿಂದ ನವೆಂಬರ್ 3ರ ಸೋಮವಾರದವರೆಗೆ ಮೂರು ದಿನಗಳ ಕಾಲ ಶ್ರೀ ಮುನೇಶ್ವರ ಸ್ವಾಮಿ ಮಹಾರುದ್ರ ಹೋಮ ಮತ್ತು ಮಹಾ ಕುಂಭಾಭಿಷೇಕ ಕಾರ್ಯಕ್ರಮವನ್ನು ಹಮ್ಮಿಕೊಳ್ಳಲಾಗಿದೆ ಎಂದು ಪೂಜಾಂಬಿಕಾ ದೇವಿ ದೇವಾಲಯದ ಸಂಚಾಲಕರಾದ ಅರುಣ್ ಕುಮಾರ್ ರವರು ಪ್ರಕಟಣೆಯಲ್ಲಿ ತಿಳಿಸಿದ್ದಾರೆ.

ನವೆಂಬರ್ 1 ರಂದು ಶನಿವಾರದಂದು

ಗೋಮಳ ಲಗ್ನದಲ್ಲಿ ಕಳಶಸ್ಥಾಪನ, ವಾದ್ಯ ವೈಭವ, ಗೋಮಾತಾ

ಸಮಸ್ತ ಯಾಗ ಶಾಲಾ ಪ್ರವೇಶ ಏರ್ಪಡಿಸಿದ್ದು, ನವೆಂಬರ್ 2ರ ಭಾನುವಾರದಂದು ಕೇಶವರಾಜ ದೇವರ ಕಲ್ಯಾಣೋತ್ಸವ, ನವೆಂಬರ್ 3ರ ಸೋಮವಾರದಂದು ಮಹಾರುದ್ರ ಹೋಮ ಹಾಗೂ ಮಹಾ ಕುಂಭಾಭಿಷೇಕ ಕಾರ್ಯಕ್ರಮ ನಡೆಯಲಿದೆ.

ರಾತ್ರಿ 10 ಗಂಟೆಗೆ ಪ್ರತ್ಯಂಗಿರಾ ಹೋಮ ನಡೆಸಲಾಗುವುದು. ಸೋಮವಾರದಂದು 108 ಕಳಶಗಳಿಂದ ಮಹಾ ಕುಂಭಾಭಿಷೇಕ, ರಾಜೋಪಚಾರ, ತೀರ್ಥ ಪ್ರಸಾದ ವಿನಿಯೋಗ ಏರ್ಪಡಿಸಲಾಗಿದೆ ಎಂದು ತಿಳಿಸಿದ್ದಾರೆ.

ಶ್ರೀ ಮಾರಮ್ಮ ದೇವಿ ದೇವಾಲಯ ನಿರ್ಮಾಣ

ಆನೇಕಲ್,ನ.1:ಹೆಬ್ಬಗೋಡಿ (ಬಿಯೋಕಾನ್) ಮುಖ್ಯ ರಸ್ತೆಯ ನಿಲ್ಲಹಳ್ಳಿಯ ಮಾರಮ್ಮದೇವಿಯ ನೂತನ ದೇವಾಲಯದ ನಿರ್ಮಾಣ ಮಾಡಿದ್ದು, ಇಂದು ನೂತನ ದೇವಾಲಯದ ಪ್ರತಿಷ್ಠಾಪನಾ ಕಾರ್ಯಕ್ರಮ ನೆರವೇರಿತು. ಹೆಬ್ಬಗೋಡಿ ಗ್ರಾಮಸ್ಥರು ಹಾಗೂ ಭಕ್ತಾದಿಗಳು ಸಹಕಾರದಿಂದ ಪುನರ್ ಪ್ರತಿಷ್ಠಾಪನೆ ನೆರವೇರಿತು.

ಇನ್ನು ಶ್ರೀ ಮಾರಮ್ಮ ದೇವಿಯ ನೂತನ ದೇವಾಲಯ ಹಾಗೂ ಶ್ರೀ ಮಾರಮ್ಮ ದೇವಿಯ ನೂತನ ಶಿಲಾ ಬಿಂಬ ಪ್ರತಿಷ್ಠಾಪನೆ ಅಂಗವಾಗಿ ನೂತನ ವಿಗ್ರಹ ಪ್ರತಿಷ್ಠಾಪನೆ, ಗಣಪತಿ ಪೂಜೆ, ಕಲಶಾರಾಧನೆ, ವಿವಿಧ ಹೋಮಗಳು, ಕಲಶ ಗ್ರಾಮ ಪ್ರದಕ್ಷಿಣೆ ಸ್ವಾಮಿಗೆ ಜಲಾಭಿಷೇಕ, ಅಭಿಷೇಕ ಮತ್ತು ಮಹಾಮಂಗಳಾರತಿ ನಂತರ ಸ್ವಾಮಿಗೆ ಹೂವಿನ ಹಾಗೂ ದೇವಾಲಯವನ್ನು ವಿಶೇಷ ಅಲಂಕಾರ.

ಅನ್ನದಾನ ಸೇವೆ ನೆರವೇರಿತು. ಹಲವು ವಿಶೇಷ ಪೂಜಾ ಕಾರ್ಯಕ್ರಮಗಳು ಹೆಬ್ಬಗೋಡಿ ಗ್ರಾಮಸ್ಥರ ಸಹಕಾರದಿಂದ ಶ್ರದ್ಧಾ ಭಕ್ತಿಯಿಂದ ನೆರವೇರಿತು.

ಈ ವೇಳೆ ಹೆಬ್ಬಗೋಡಿ ಶ್ರೀನಿವಾಸ್ ರೆಡ್ಡಿ ಅವರು ಮಾತನಾಡಿ ಗ್ರಾಮದ ಒಳಿತಿಗಾಗಿ ಮಾರಮ್ಮ ದೇವಾಲಯ ನಿರ್ಮಾಣ ಮಾಡಬೇಕು ಎಂಬ ಸಂಕಲ್ಪ ಮಾಡಲಾಗಿತ್ತು. ಇದೀಗ ಎಲ್ಲರ ಸಹಕಾರದಿಂದ ನೆರವೇರಿದೆ.

ಕಾರ್ಯಕ್ರಮದಲ್ಲಿ ವಿವಿಧ ಜನಪ್ರತಿನಿಧಿಗಳು, ಗಣ್ಯರು, ಹೆಬ್ಬಗೋಡಿ ಗ್ರಾಮಸ್ಥರು, ಭಕ್ತರು ಭಾಗವಹಿಸಿದ್ದರು.

ಸುನಂದಮ್ಮರಿಗೆ ರಾಜ್ಯೋತ್ಸವ ಪ್ರಶಸ್ತಿ

ವಿಜಯಪುರ,ನ.1:ಪಟ್ಟಣದ ಸರ್ಕಾರಿ ಶಾಲೆಯಲ್ಲಿ 1977ನೇ ಬ್ಯಾಚ್ ವಿದ್ಯಾರ್ಥಿನಿಯಾಗಿದ್ದ ಸುನಂದಮ್ಮ ರವರಿಗೆ 2025ನೇ ಸಾಲಿನ ರಾಜ್ಯೋತ್ಸವ ಪ್ರಶಸ್ತಿ ನೀಡಿರುವುದು ನಮ್ಮ ಶಾಲೆಗೆ ಹೆಮ್ಮೆಯ ವಿಷಯವಾಗಿದೆ ಎಂದು ಪ್ರೌಢಶಾಲೆ ಮುಖ್ಯೋಪಾಧ್ಯಾಯರು ತಿಳಿಸಿದ್ದಾರೆ.

ಇವರು ಸರ್ಕಾರಿ ಶಾಲೆಯಲ್ಲಿ ವ್ಯಾಸಂಗ ಮಾಡಿ ರಾಜ್ಯ ಮಟ್ಟದ ಪ್ರಶಸ್ತಿಗೆ ಭಾಜನರಾಗಿರುವುದು ವಿದ್ಯಾರ್ಥಿಗಳಿಗೆ ಸ್ಫೂರ್ತಿಯಾಗಿದೆ ಎಂದರು.

ಸುನಂದಮ್ಮ ರವರು ವಿಜಯಪುರ ಸಮೀಪದ ವೆಂಕಟಾಪುರ ಗ್ರಾಮದವರಾಗಿದ್ದು 1977ನೇ ಎಸ್.ಎಸ್.ಎಲ್.ಸಿ ಬ್ಯಾಚ್ ನ ವಿದ್ಯಾರ್ಥಿನಿಯಾಗಿದ್ದಾರೆ. ಬೆಂಗಳೂರಿನ ಮಹಾರಾಣಿ ಕಾಲೇಜಿನಲ್ಲಿ ಉನ್ನತ ಶಿಕ್ಷಣ ಪಡೆದು ನಂತರ ವಿಶ್ವವಿದ್ಯಾನಿಲಯದಲ್ಲಿ ಸೇವೆ ಸಲ್ಲಿಸಿದ್ದಾರೆ.

ಬೆಂಗಳೂರು ಮಹಿಳಾ ವಿಶ್ವವಿದ್ಯಾಲಯದ ಕುಲಪತಿಯಾಗಿ 2018 ರಿಂದ 2022ರ ವರೆಗೆ ಕಾರ್ಯ ನಿರ್ವಹಿಸಿದ್ದರು. ಇವರ ಶಿಕ್ಷಣ ಕ್ಷೇತ್ರದ ಸೇವೆಯನ್ನು ಗುರುತಿಸಿ ಹತ್ತು ಹಲವಾರು ಪ್ರಶಸ್ತಿಗಳು ಲಭಿಸಿವೆ. ಪ್ರಸ್ತುತ ಸಾಲಿನ ರಾಜ್ಯೋತ್ಸವ ಪ್ರಶಸ್ತಿಗೆ ಆಯ್ಕೆಯಾಗಿದ್ದಾರೆ.

ವಿಜಯಪುರ ಪ್ರೌಢಶಾಲೆಯ ಹೆಮ್ಮೆಯ ವಿದ್ಯಾರ್ಥಿನಿಯಾಗಿದ್ದಾರೆ ಎಂದು ತಿಳಿಸಿದರು.

ರಾಜ್ಯ ಪ್ರಶಸ್ತಿ ಪುರಸ್ಕೃತರಾದ ವಿಜಯಪುರ ಪಟ್ಟಣದ ಸರ್ಕಾರಿ ಪದವಿ ಪೂರ್ವ ಕಾಲೇಜಿನ ಪ್ರೌಢಶಾಲಾ ಹಿಂದಿನ ವಿದ್ಯಾರ್ಥಿನಿ ಸುನಂದಮ್ಮ.
